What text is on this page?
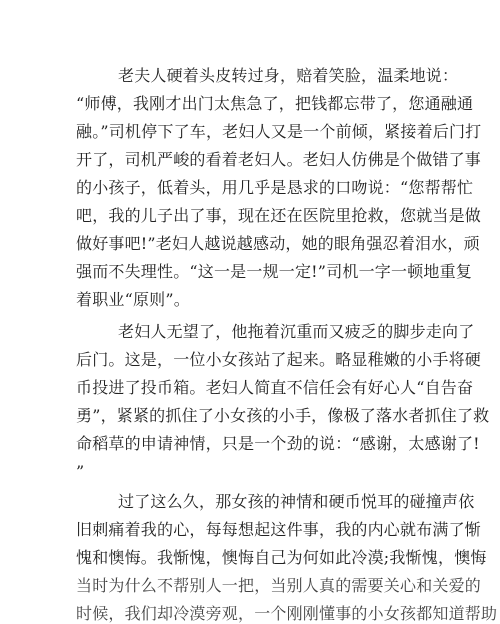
老夫人硬着头皮转过身，赔着笑脸，温柔地说：
“师傅，我刚才出门太焦急了，把钱都忘带了，您通融通
融。”司机停下了车，老妇人又是一个前倾，紧接着后门打
开了，司机严峻的看着老妇人。老妇人仿佛是个做错了事
的小孩子，低着头，用几乎是恳求的口吻说：“您帮帮忙
吧，我的儿子出了事，现在还在医院里抢救，您就当是做
做好事吧!”老妇人越说越感动，她的眼角强忍着泪水，顽
强而不失理性。“这一是一规一定!”司机一字一顿地重复
着职业“原则”。
老妇人无望了，他拖着沉重而又疲乏的脚步走向了
后门。这是，一位小女孩站了起来。略显稚嫩的小手将硬
币投进了投币箱。老妇人简直不信任会有好心人“自告奋
勇”，紧紧的抓住了小女孩的小手，像极了落水者抓住了救
命稻草的申请神情，只是一个劲的说：“感谢，太感谢了!
”
过了这么久，那女孩的神情和硬币悦耳的碰撞声依
旧刺痛着我的心，每每想起这件事，我的内心就布满了惭
愧和懊悔。我惭愧，懊悔自己为何如此冷漠;我惭愧，懊悔
当时为什么不帮别人一把，当别人真的需要关心和关爱的
时候，我们却冷漠旁观，一个刚刚懂事的小女孩都知道帮助
